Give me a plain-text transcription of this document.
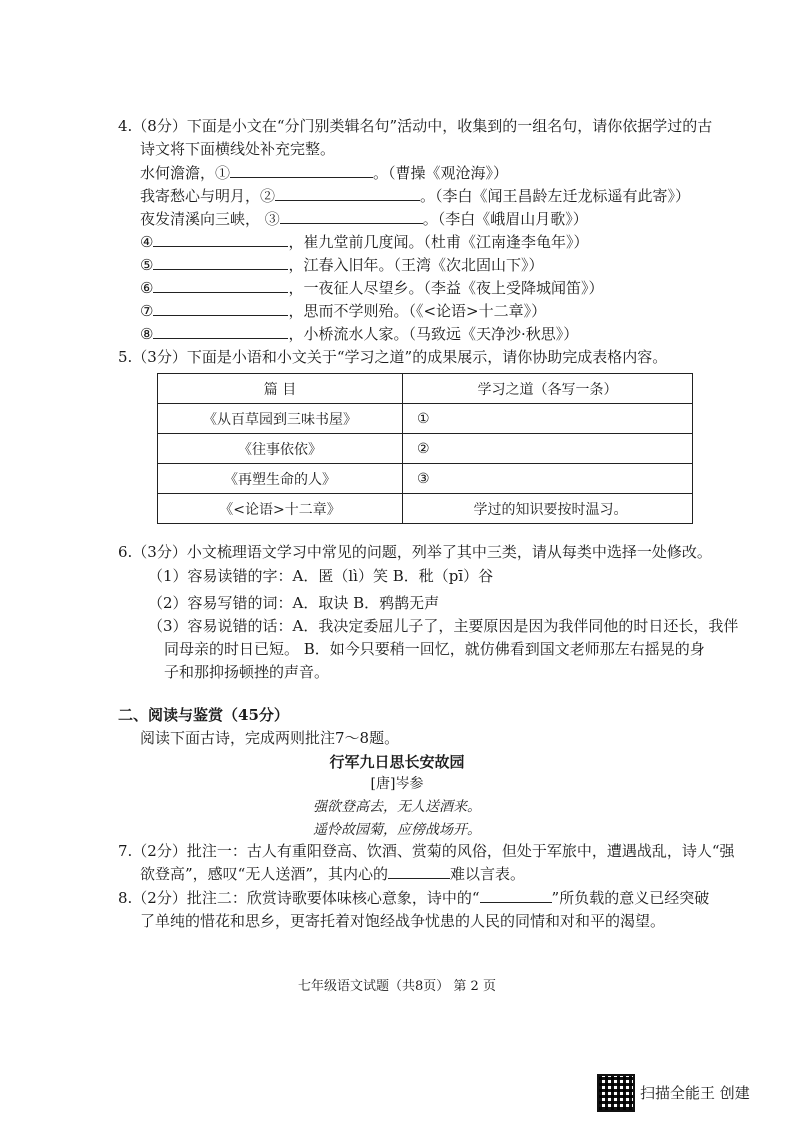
4.（8分）下面是小文在“分门别类辑名句”活动中，收集到的一组名句，请你依据学过的古
诗文将下面横线处补充完整。
水何澹澹，①	。（曹操《观沧海》）
我寄愁心与明月，②	。（李白《闻王昌龄左迁龙标遥有此寄》）
夜发清溪向三峡， ③	。（李白《峨眉山月歌》）
④	，崔九堂前几度闻。（杜甫《江南逢李龟年》）
⑤	，江春入旧年。（王湾《次北固山下》）
⑥	，一夜征人尽望乡。（李益《夜上受降城闻笛》）
⑦	，思而不学则殆。（《<论语>十二章》）
⑧	，小桥流水人家。（马致远《天净沙·秋思》）
5.（3分）下面是小语和小文关于“学习之道”的成果展示，请你协助完成表格内容。
篇 目	学习之道（各写一条）
《从百草园到三味书屋》	①
《往事依依》	②
《再塑生命的人》	③
《<论语>十二章》	学过的知识要按时温习。
6.（3分）小文梳理语文学习中常见的问题，列举了其中三类，请从每类中选择一处修改。
（1）容易读错的字：A．匿（lì）笑 B．秕（pī）谷
（2）容易写错的词：A．取诀 B．鸦鹊无声
（3）容易说错的话：A．我决定委屈儿子了，主要原因是因为我伴同他的时日还长，我伴
同母亲的时日已短。 B．如今只要稍一回忆，就仿佛看到国文老师那左右摇晃的身
子和那抑扬顿挫的声音。
二、阅读与鉴赏（45分）
阅读下面古诗，完成两则批注7～8题。
行军九日思长安故园
[唐]岑参
强欲登高去，无人送酒来。
遥怜故园菊，应傍战场开。
7.（2分）批注一：古人有重阳登高、饮酒、赏菊的风俗，但处于军旅中，遭遇战乱，诗人“强
欲登高”，感叹“无人送酒”，其内心的	难以言表。
8.（2分）批注二：欣赏诗歌要体味核心意象，诗中的“	”所负载的意义已经突破
了单纯的惜花和思乡，更寄托着对饱经战争忧患的人民的同情和对和平的渴望。
七年级语文试题（共8页） 第 2 页
扫描全能王 创建
